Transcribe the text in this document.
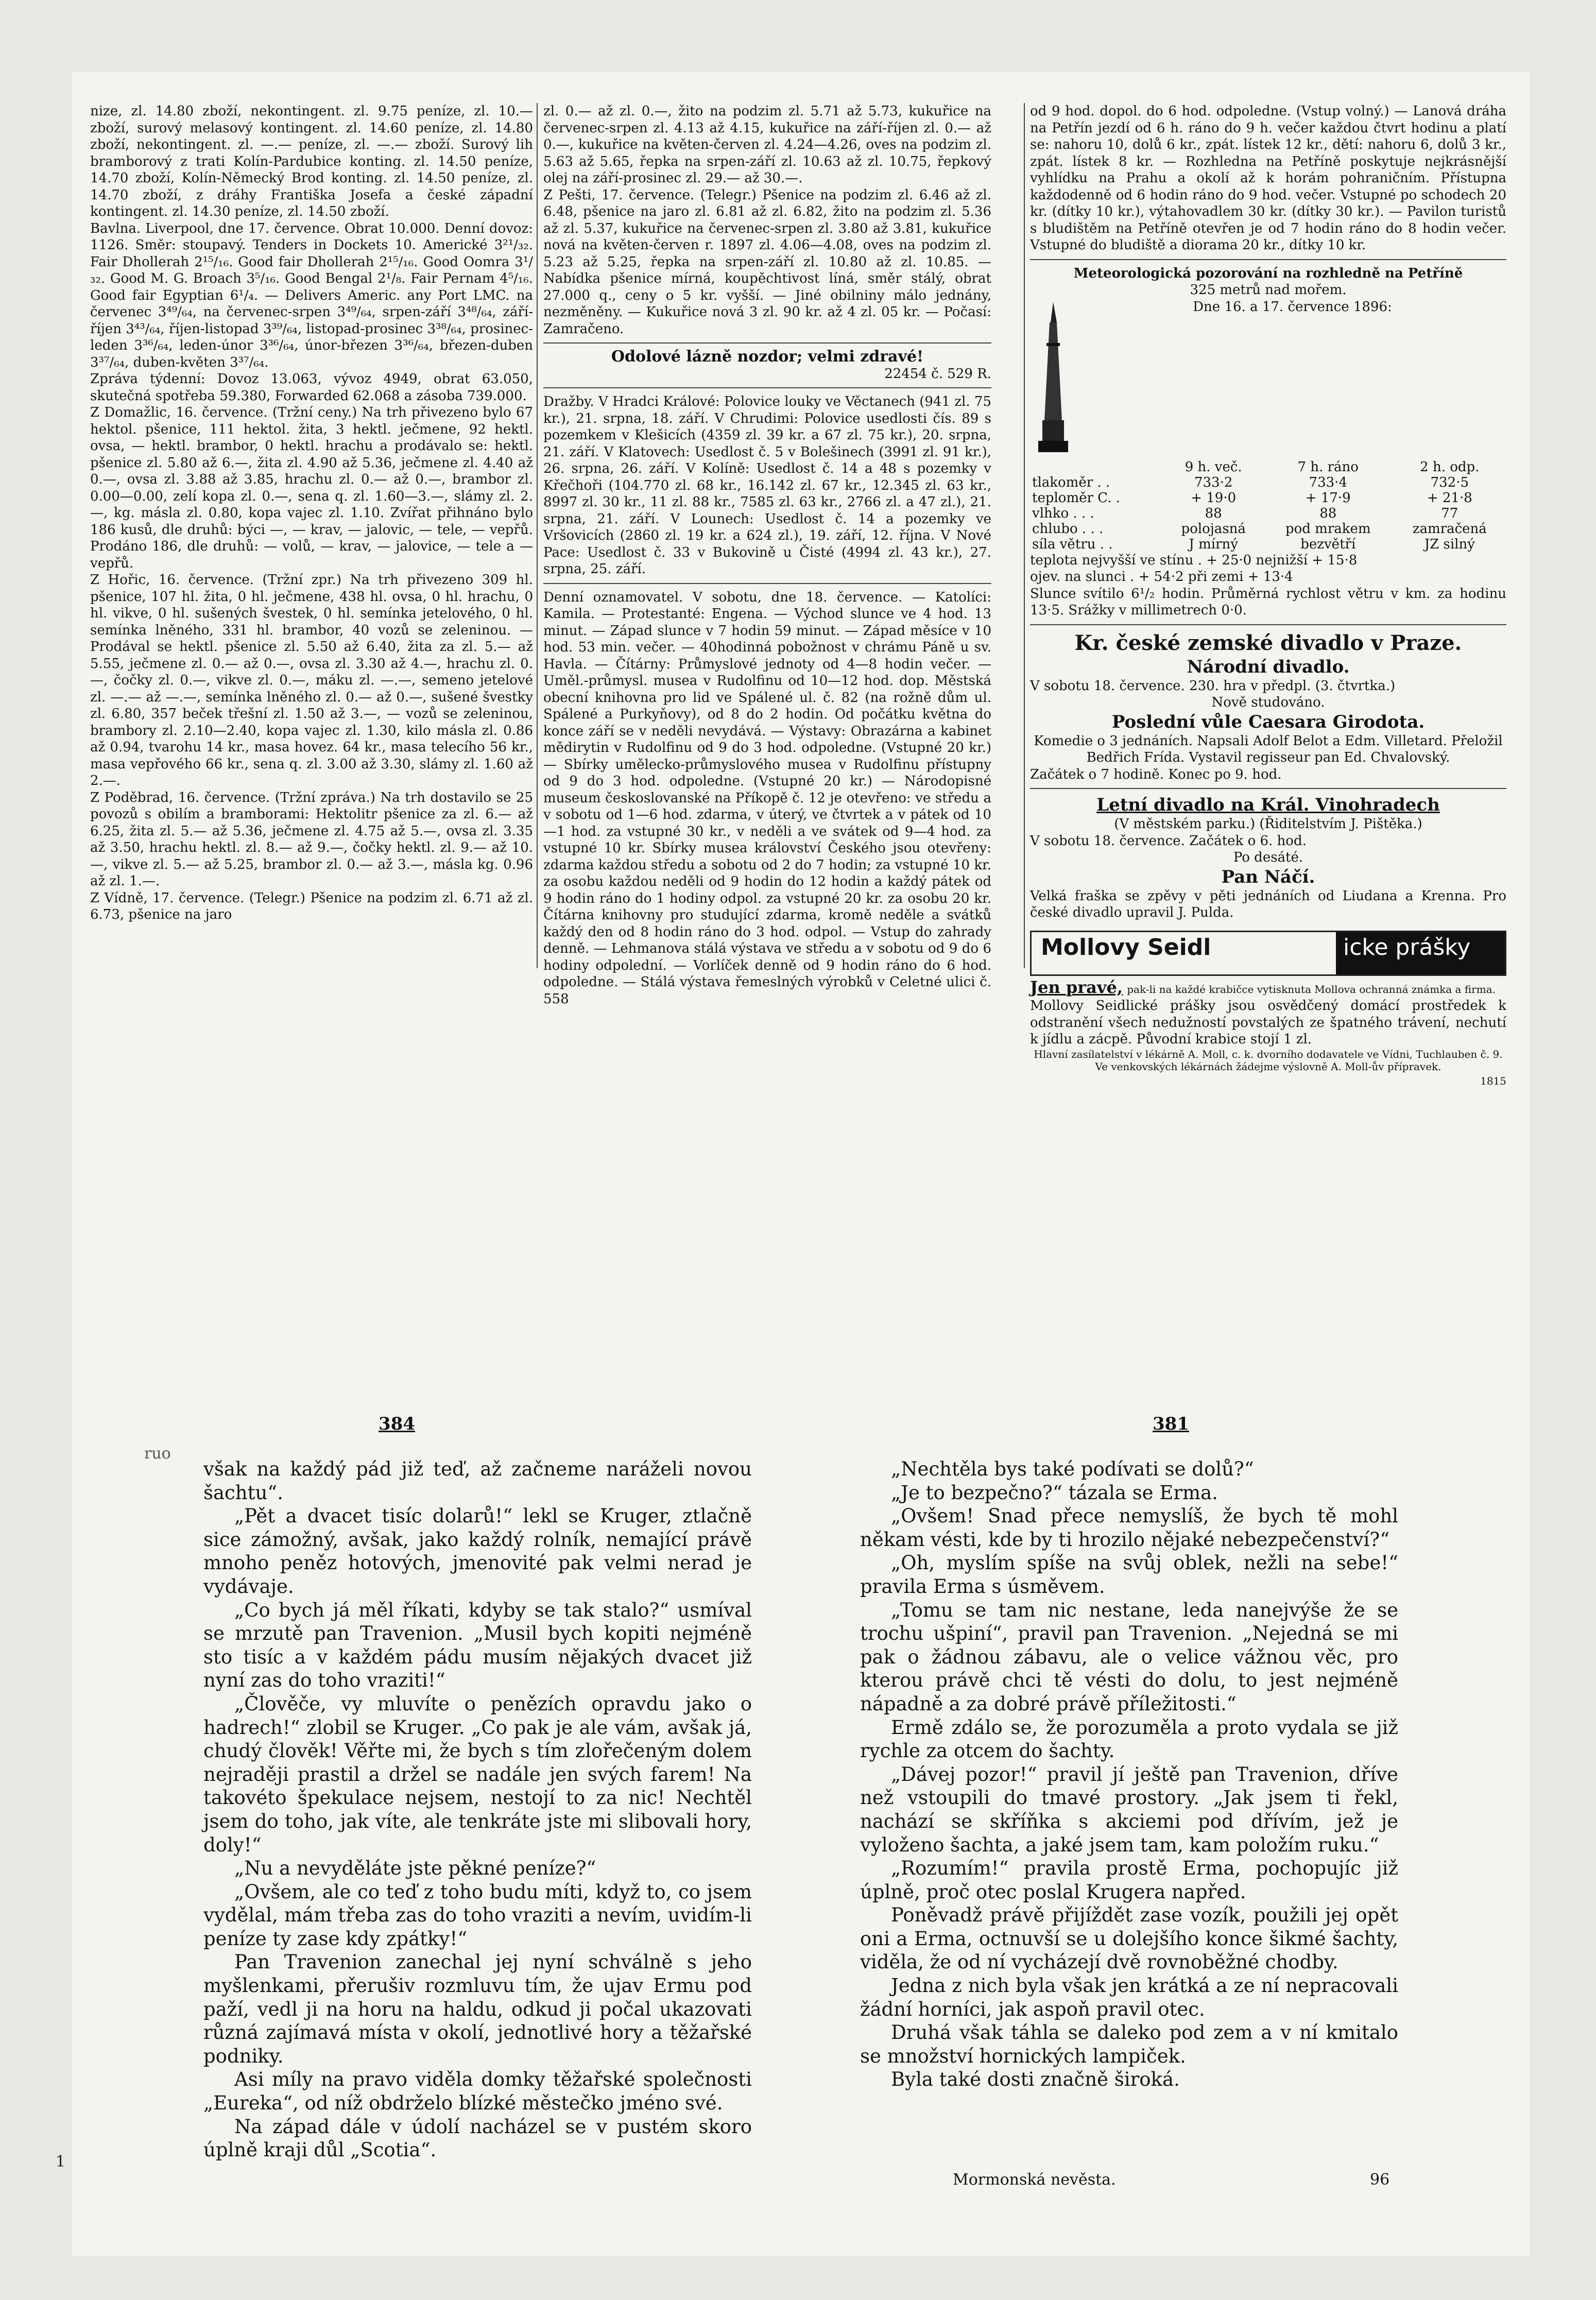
nize, zl. 14.80 zboží, nekontingent. zl. 9.75 peníze, zl. 10.— zboží, surový melasový kontingent. zl. 14.60 peníze, zl. 14.80 zboží, nekontingent. zl. —.— peníze, zl. —.— zboží. Surový lih bramborový z trati Kolín-Pardubice konting. zl. 14.50 peníze, 14.70 zboží, Kolín-Německý Brod konting. zl. 14.50 peníze, zl. 14.70 zboží, z dráhy Františka Josefa a české západní kontingent. zl. 14.30 peníze, zl. 14.50 zboží.

Bavlna. Liverpool, dne 17. července. Obrat 10.000. Denní dovoz: 1126. Směr: stoupavý. Tenders in Dockets 10. Americké 3²¹/₃₂. Fair Dhollerah 2¹⁵/₁₆. Good fair Dhollerah 2¹⁵/₁₆. Good Oomra 3¹/₃₂. Good M. G. Broach 3⁵/₁₆. Good Bengal 2¹/₈. Fair Pernam 4⁵/₁₆. Good fair Egyptian 6¹/₄. — Delivers Americ. any Port LMC. na červenec 3⁴⁹/₆₄, na červenec-srpen 3⁴⁹/₆₄, srpen-září 3⁴⁸/₆₄, září-říjen 3⁴³/₆₄, říjen-listopad 3³⁹/₆₄, listopad-prosinec 3³⁸/₆₄, prosinec-leden 3³⁶/₆₄, leden-únor 3³⁶/₆₄, únor-březen 3³⁶/₆₄, březen-duben 3³⁷/₆₄, duben-květen 3³⁷/₆₄.

Zpráva týdenní: Dovoz 13.063, vývoz 4949, obrat 63.050, skutečná spotřeba 59.380, Forwarded 62.068 a zásoba 739.000.

Z Domažlic, 16. července. (Tržní ceny.) Na trh přivezeno bylo 67 hektol. pšenice, 111 hektol. žita, 3 hektl. ječmene, 92 hektl. ovsa, — hektl. brambor, 0 hektl. hrachu a prodávalo se: hektl. pšenice zl. 5.80 až 6.—, žita zl. 4.90 až 5.36, ječmene zl. 4.40 až 0.—, ovsa zl. 3.88 až 3.85, hrachu zl. 0.— až 0.—, brambor zl. 0.00—0.00, zelí kopa zl. 0.—, sena q. zl. 1.60—3.—, slámy zl. 2.—, kg. másla zl. 0.80, kopa vajec zl. 1.10. Zvířat přihnáno bylo 186 kusů, dle druhů: býci —, — krav, — jalovic, — tele, — vepřů. Prodáno 186, dle druhů: — volů, — krav, — jalovice, — tele a — vepřů.

Z Hořic, 16. července. (Tržní zpr.) Na trh přivezeno 309 hl. pšenice, 107 hl. žita, 0 hl. ječmene, 438 hl. ovsa, 0 hl. hrachu, 0 hl. vikve, 0 hl. sušených švestek, 0 hl. semínka jetelového, 0 hl. semínka lněného, 331 hl. brambor, 40 vozů se zeleninou. — Prodával se hektl. pšenice zl. 5.50 až 6.40, žita za zl. 5.— až 5.55, ječmene zl. 0.— až 0.—, ovsa zl. 3.30 až 4.—, hrachu zl. 0.—, čočky zl. 0.—, vikve zl. 0.—, máku zl. —.—, semeno jetelové zl. —.— až —.—, semínka lněného zl. 0.— až 0.—, sušené švestky zl. 6.80, 357 beček třešní zl. 1.50 až 3.—, — vozů se zeleninou, brambory zl. 2.10—2.40, kopa vajec zl. 1.30, kilo másla zl. 0.86 až 0.94, tvarohu 14 kr., masa hovez. 64 kr., masa telecího 56 kr., masa vepřového 66 kr., sena q. zl. 3.00 až 3.30, slámy zl. 1.60 až 2.—.

Z Poděbrad, 16. července. (Tržní zpráva.) Na trh dostavilo se 25 povozů s obilím a bramborami: Hektolitr pšenice za zl. 6.— až 6.25, žita zl. 5.— až 5.36, ječmene zl. 4.75 až 5.—, ovsa zl. 3.35 až 3.50, hrachu hektl. zl. 8.— až 9.—, čočky hektl. zl. 9.— až 10.—, vikve zl. 5.— až 5.25, brambor zl. 0.— až 3.—, másla kg. 0.96 až zl. 1.—.

Z Vídně, 17. července. (Telegr.) Pšenice na podzim zl. 6.71 až zl. 6.73, pšenice na jaro

zl. 0.— až zl. 0.—, žito na podzim zl. 5.71 až 5.73, kukuřice na červenec-srpen zl. 4.13 až 4.15, kukuřice na září-říjen zl. 0.— až 0.—, kukuřice na květen-červen zl. 4.24—4.26, oves na podzim zl. 5.63 až 5.65, řepka na srpen-září zl. 10.63 až zl. 10.75, řepkový olej na září-prosinec zl. 29.— až 30.—.

Z Pešti, 17. července. (Telegr.) Pšenice na podzim zl. 6.46 až zl. 6.48, pšenice na jaro zl. 6.81 až zl. 6.82, žito na podzim zl. 5.36 až zl. 5.37, kukuřice na červenec-srpen zl. 3.80 až 3.81, kukuřice nová na květen-červen r. 1897 zl. 4.06—4.08, oves na podzim zl. 5.23 až 5.25, řepka na srpen-září zl. 10.80 až zl. 10.85. — Nabídka pšenice mírná, koupěchtivost líná, směr stálý, obrat 27.000 q., ceny o 5 kr. vyšší. — Jiné obilniny málo jednány, nezměněny. — Kukuřice nová 3 zl. 90 kr. až 4 zl. 05 kr. — Počasí: Zamračeno.

Odolové lázně nozdor; velmi zdravé!

22454 č. 529 R.

Dražby. V Hradci Králové: Polovice louky ve Věctanech (941 zl. 75 kr.), 21. srpna, 18. září. V Chrudimi: Polovice usedlosti čís. 89 s pozemkem v Klešicích (4359 zl. 39 kr. a 67 zl. 75 kr.), 20. srpna, 21. září. V Klatovech: Usedlost č. 5 v Bolešinech (3991 zl. 91 kr.), 26. srpna, 26. září. V Kolíně: Usedlost č. 14 a 48 s pozemky v Křečhoři (104.770 zl. 68 kr., 16.142 zl. 67 kr., 12.345 zl. 63 kr., 8997 zl. 30 kr., 11 zl. 88 kr., 7585 zl. 63 kr., 2766 zl. a 47 zl.), 21. srpna, 21. září. V Lounech: Usedlost č. 14 a pozemky ve Vršovicích (2860 zl. 19 kr. a 624 zl.), 19. září, 12. října. V Nové Pace: Usedlost č. 33 v Bukovině u Čisté (4994 zl. 43 kr.), 27. srpna, 25. září.

Denní oznamovatel. V sobotu, dne 18. července. — Katolíci: Kamila. — Protestanté: Engena. — Východ slunce ve 4 hod. 13 minut. — Západ slunce v 7 hodin 59 minut. — Západ měsíce v 10 hod. 53 min. večer. — 40hodinná pobožnost v chrámu Páně u sv. Havla. — Čítárny: Průmyslové jednoty od 4—8 hodin večer. — Uměl.-průmysl. musea v Rudolfinu od 10—12 hod. dop. Městská obecní knihovna pro lid ve Spálené ul. č. 82 (na rožně dům ul. Spálené a Purkyňovy), od 8 do 2 hodin. Od počátku května do konce září se v neděli nevydává. — Výstavy: Obrazárna a kabinet mědirytin v Rudolfinu od 9 do 3 hod. odpoledne. (Vstupné 20 kr.) — Sbírky umělecko-průmyslového musea v Rudolfinu přístupny od 9 do 3 hod. odpoledne. (Vstupné 20 kr.) — Národopisné museum českoslovanské na Příkopě č. 12 je otevřeno: ve středu a v sobotu od 1—6 hod. zdarma, v úterý, ve čtvrtek a v pátek od 10—1 hod. za vstupné 30 kr., v neděli a ve svátek od 9—4 hod. za vstupné 10 kr. Sbírky musea království Českého jsou otevřeny: zdarma každou středu a sobotu od 2 do 7 hodin; za vstupné 10 kr. za osobu každou neděli od 9 hodin do 12 hodin a každý pátek od 9 hodin ráno do 1 hodiny odpol. za vstupné 20 kr. za osobu 20 kr. Čítárna knihovny pro studující zdarma, kromě neděle a svátků každý den od 8 hodin ráno do 3 hod. odpol. — Vstup do zahrady denně. — Lehmanova stálá výstava ve středu a v sobotu od 9 do 6 hodiny odpolední. — Vorlíček denně od 9 hodin ráno do 6 hod. odpoledne. — Stálá výstava řemeslných výrobků v Celetné ulici č. 558

od 9 hod. dopol. do 6 hod. odpoledne. (Vstup volný.) — Lanová dráha na Petřín jezdí od 6 h. ráno do 9 h. večer každou čtvrt hodinu a platí se: nahoru 10, dolů 6 kr., zpát. lístek 12 kr., dětí: nahoru 6, dolů 3 kr., zpát. lístek 8 kr. — Rozhledna na Petříně poskytuje nejkrásnější vyhlídku na Prahu a okolí až k horám pohraničním. Přístupna každodenně od 6 hodin ráno do 9 hod. večer. Vstupné po schodech 20 kr. (dítky 10 kr.), výtahovadlem 30 kr. (dítky 30 kr.). — Pavilon turistů s bludištěm na Petříně otevřen je od 7 hodin ráno do 8 hodin večer. Vstupné do bludiště a diorama 20 kr., dítky 10 kr.

Meteorologická pozorování na rozhledně na Petříně

325 metrů nad mořem.

Dne 16. a 17. července 1896:

	9 h. več.	7 h. ráno	2 h. odp.
tlakoměr . .	733·2	733·4	732·5
teploměr C. .	+ 19·0	+ 17·9	+ 21·8
vlhko . . .	88	88	77
chlubo . . .	polojasná	pod mrakem	zamračená
síla větru . .	J mírný	bezvětří	JZ silný

teplota nejvyšší ve stínu . + 25·0 nejnižší + 15·8

ojev. na slunci . + 54·2 při zemi + 13·4

Slunce svítilo 6¹/₂ hodin. Průměrná rychlost větru v km. za hodinu 13·5. Srážky v millimetrech 0·0.

Kr. české zemské divadlo v Praze.

Národní divadlo.

V sobotu 18. července. 230. hra v předpl. (3. čtvrtka.)

Nově studováno.

Poslední vůle Caesara Girodota.

Komedie o 3 jednáních. Napsali Adolf Belot a Edm. Villetard. Přeložil Bedřich Frída. Vystavil regisseur pan Ed. Chvalovský.

Začátek o 7 hodině. Konec po 9. hod.

Letní divadlo na Král. Vinohradech

(V městském parku.) (Řiditelstvím J. Pištěka.)

V sobotu 18. července. Začátek o 6. hod.

Po desáté.

Pan Náčí.

Velká fraška se zpěvy v pěti jednáních od Liudana a Krenna. Pro české divadlo upravil J. Pulda.

Mollovy Seidl	icke prášky

Jen pravé, pak-li na každé krabičce vytisknuta Mollova ochranná známka a firma.

Mollovy Seidlické prášky jsou osvědčený domácí prostředek k odstranění všech nedužností povstalých ze špatného trávení, nechutí k jídlu a zácpě. Původní krabice stojí 1 zl.

Hlavní zasílatelství v lékárně A. Moll, c. k. dvorního dodavatele ve Vídni, Tuchlauben č. 9. Ve venkovských lékárnách žádejme výslovně A. Moll-ův přípravek.

1815

384	381
ruo

však na každý pád již teď, až začneme naráželi novou šachtu“.

„Pět a dvacet tisíc dolarů!“ lekl se Kruger, ztlačně sice zámožný, avšak, jako každý rolník, nemající právě mnoho peněz hotových, jmenovité pak velmi nerad je vydávaje.

„Co bych já měl říkati, kdyby se tak stalo?“ usmíval se mrzutě pan Travenion. „Musil bych kopiti nejméně sto tisíc a v každém pádu musím nějakých dvacet již nyní zas do toho vraziti!“

„Člověče, vy mluvíte o penězích opravdu jako o hadrech!“ zlobil se Kruger. „Co pak je ale vám, avšak já, chudý člověk! Věřte mi, že bych s tím zlořečeným dolem nejraději prastil a držel se nadále jen svých farem! Na takovéto špekulace nejsem, nestojí to za nic! Nechtěl jsem do toho, jak víte, ale tenkráte jste mi slibovali hory, doly!“

„Nu a nevyděláte jste pěkné peníze?“

„Ovšem, ale co teď z toho budu míti, když to, co jsem vydělal, mám třeba zas do toho vraziti a nevím, uvidím-li peníze ty zase kdy zpátky!“

Pan Travenion zanechal jej nyní schválně s jeho myšlenkami, přerušiv rozmluvu tím, že ujav Ermu pod paží, vedl ji na horu na haldu, odkud ji počal ukazovati různá zajímavá místa v okolí, jednotlivé hory a těžařské podniky.

Asi míly na pravo viděla domky těžařské společnosti „Eureka“, od níž obdrželo blízké městečko jméno své.

Na západ dále v údolí nacházel se v pustém skoro úplně kraji důl „Scotia“.

„Nechtěla bys také podívati se dolů?“

„Je to bezpečno?“ tázala se Erma.

„Ovšem! Snad přece nemyslíš, že bych tě mohl někam vésti, kde by ti hrozilo nějaké nebezpečenství?“

„Oh, myslím spíše na svůj oblek, nežli na sebe!“ pravila Erma s úsměvem.

„Tomu se tam nic nestane, leda nanejvýše že se trochu ušpiní“, pravil pan Travenion. „Nejedná se mi pak o žádnou zábavu, ale o velice vážnou věc, pro kterou právě chci tě vésti do dolu, to jest nejméně nápadně a za dobré právě příležitosti.“

Ermě zdálo se, že porozuměla a proto vydala se již rychle za otcem do šachty.

„Dávej pozor!“ pravil jí ještě pan Travenion, dříve než vstoupili do tmavé prostory. „Jak jsem ti řekl, nachází se skříňka s akciemi pod dřívím, jež je vyloženo šachta, a jaké jsem tam, kam položím ruku.“

„Rozumím!“ pravila prostě Erma, pochopujíc již úplně, proč otec poslal Krugera napřed.

Poněvadž právě přijíždět zase vozík, použili jej opět oni a Erma, octnuvší se u dolejšího konce šikmé šachty, viděla, že od ní vycházejí dvě rovnoběžné chodby.

Jedna z nich byla však jen krátká a ze ní nepracovali žádní horníci, jak aspoň pravil otec.

Druhá však táhla se daleko pod zem a v ní kmitalo se množství hornických lampiček.

Byla také dosti značně široká.

Mormonská nevěsta.	96
1
